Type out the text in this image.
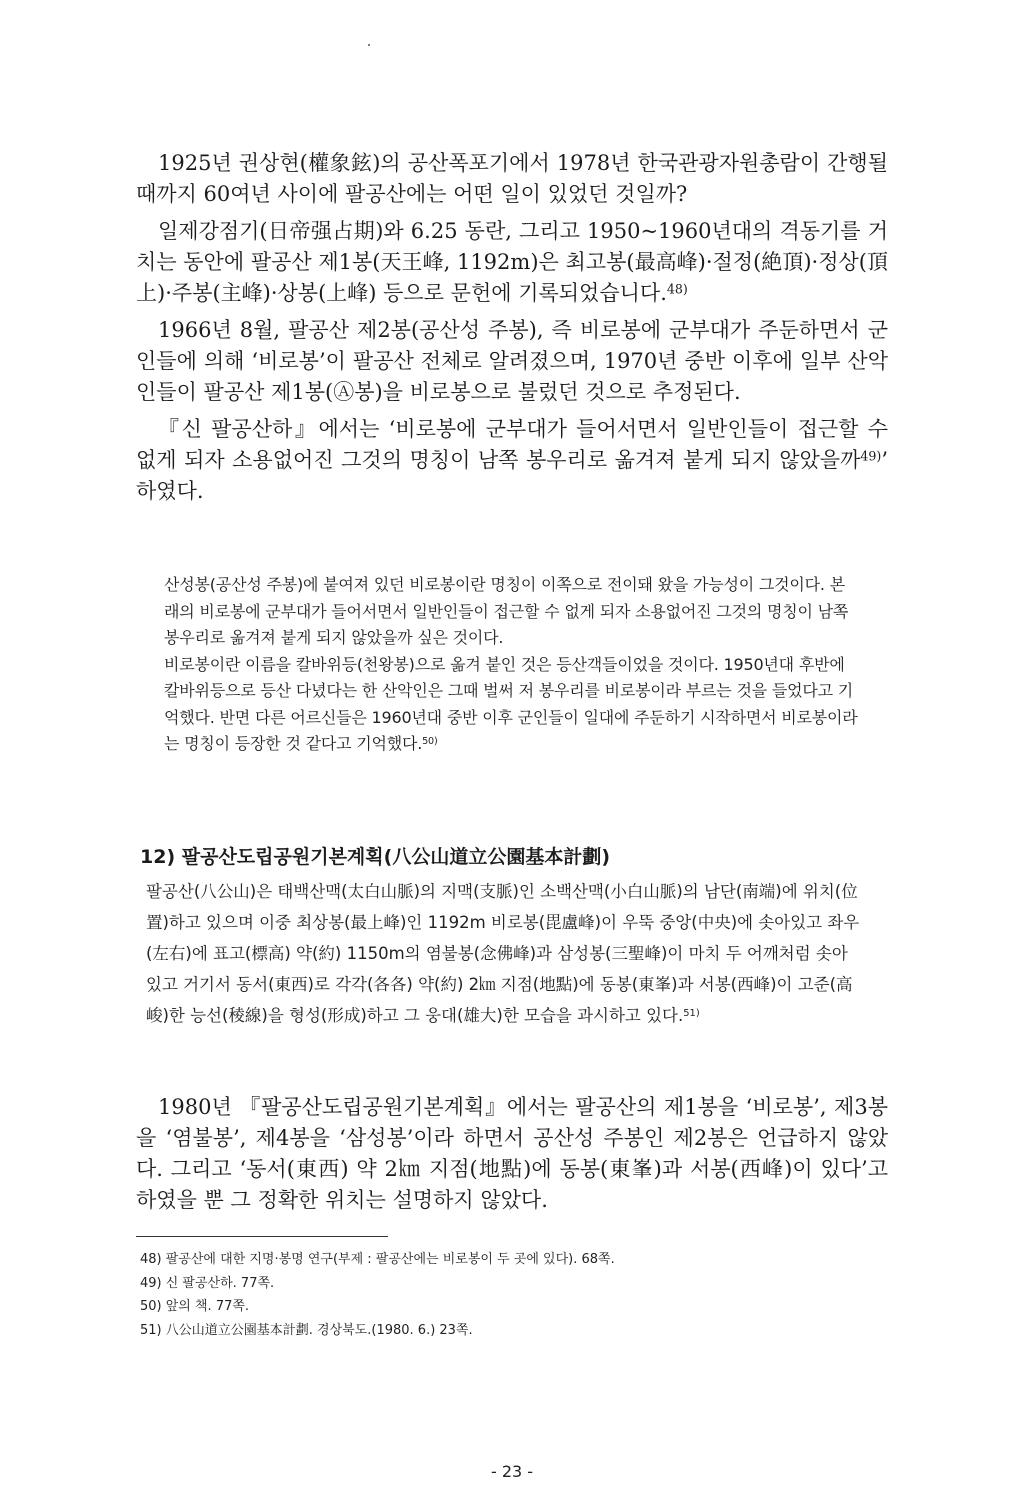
1925년 권상현(權象鉉)의 공산폭포기에서 1978년 한국관광자원총람이 간행될 때까지 60여년 사이에 팔공산에는 어떤 일이 있었던 것일까?

일제강점기(日帝强占期)와 6.25 동란, 그리고 1950~1960년대의 격동기를 거치는 동안에 팔공산 제1봉(天王峰, 1192m)은 최고봉(最高峰)·절정(絶頂)·정상(頂上)·주봉(主峰)·상봉(上峰) 등으로 문헌에 기록되었습니다.$^{48)}$

1966년 8월, 팔공산 제2봉(공산성 주봉), 즉 비로봉에 군부대가 주둔하면서 군인들에 의해 ‘비로봉’이 팔공산 전체로 알려졌으며, 1970년 중반 이후에 일부 산악인들이 팔공산 제1봉(Ⓐ봉)을 비로봉으로 불렀던 것으로 추정된다.

『신 팔공산하』에서는 ‘비로봉에 군부대가 들어서면서 일반인들이 접근할 수 없게 되자 소용없어진 그것의 명칭이 남쪽 봉우리로 옮겨져 붙게 되지 않았을까$^{49)}$’ 하였다.

산성봉(공산성 주봉)에 붙여져 있던 비로봉이란 명칭이 이쪽으로 전이돼 왔을 가능성이 그것이다. 본래의 비로봉에 군부대가 들어서면서 일반인들이 접근할 수 없게 되자 소용없어진 그것의 명칭이 남쪽 봉우리로 옮겨져 붙게 되지 않았을까 싶은 것이다.

비로봉이란 이름을 칼바위등(천왕봉)으로 옮겨 붙인 것은 등산객들이었을 것이다. 1950년대 후반에 칼바위등으로 등산 다녔다는 한 산악인은 그때 벌써 저 봉우리를 비로봉이라 부르는 것을 들었다고 기억했다. 반면 다른 어르신들은 1960년대 중반 이후 군인들이 일대에 주둔하기 시작하면서 비로봉이라는 명칭이 등장한 것 같다고 기억했다.$^{50)}$

12) 팔공산도립공원기본계획(八公山道立公園基本計劃)

팔공산(八公山)은 태백산맥(太白山脈)의 지맥(支脈)인 소백산맥(小白山脈)의 남단(南端)에 위치(位置)하고 있으며 이중 최상봉(最上峰)인 1192m 비로봉(毘盧峰)이 우뚝 중앙(中央)에 솟아있고 좌우(左右)에 표고(標高) 약(約) 1150m의 염불봉(念佛峰)과 삼성봉(三聖峰)이 마치 두 어깨처럼 솟아있고 거기서 동서(東西)로 각각(各各) 약(約) 2㎞ 지점(地點)에 동봉(東峯)과 서봉(西峰)이 고준(高峻)한 능선(稜線)을 형성(形成)하고 그 웅대(雄大)한 모습을 과시하고 있다.$^{51)}$

1980년 『팔공산도립공원기본계획』에서는 팔공산의 제1봉을 ‘비로봉’, 제3봉을 ‘염불봉’, 제4봉을 ‘삼성봉’이라 하면서 공산성 주봉인 제2봉은 언급하지 않았다. 그리고 ‘동서(東西) 약 2㎞ 지점(地點)에 동봉(東峯)과 서봉(西峰)이 있다’고 하였을 뿐 그 정확한 위치는 설명하지 않았다.

48) 팔공산에 대한 지명·봉명 연구(부제 : 팔공산에는 비로봉이 두 곳에 있다). 68쪽.
49) 신 팔공산하. 77쪽.
50) 앞의 책. 77쪽.
51) 八公山道立公園基本計劃. 경상북도.(1980. 6.) 23쪽.
- 23 -
